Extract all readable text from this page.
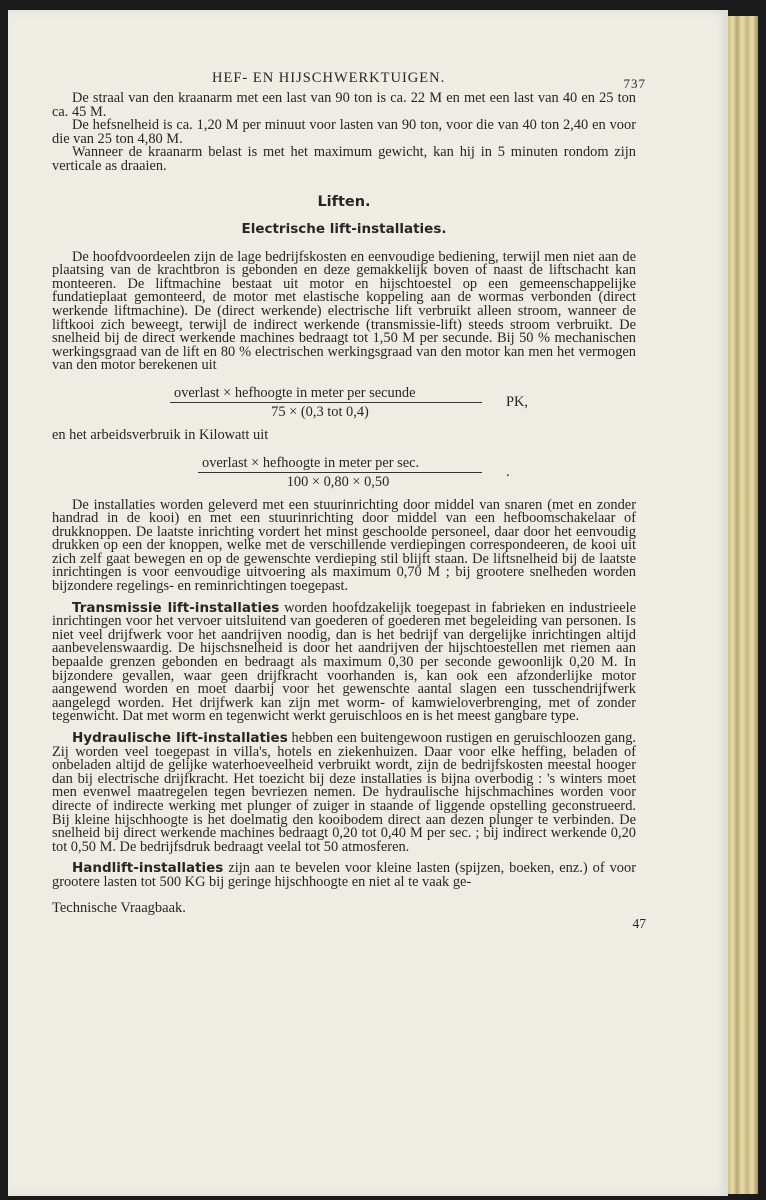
HEF- EN HIJSCHWERKTUIGEN.	737

De straal van den kraanarm met een last van 90 ton is ca. 22 M en met een last van 40 en 25 ton ca. 45 M.

De hefsnelheid is ca. 1,20 M per minuut voor lasten van 90 ton, voor die van 40 ton 2,40 en voor die van 25 ton 4,80 M.

Wanneer de kraanarm belast is met het maximum gewicht, kan hij in 5 minuten rondom zijn verticale as draaien.

Liften.
Electrische lift-installaties.

De hoofdvoordeelen zijn de lage bedrijfskosten en eenvoudige bediening, terwijl men niet aan de plaatsing van de krachtbron is gebonden en deze gemakkelijk boven of naast de liftschacht kan monteeren. De liftmachine bestaat uit motor en hijschtoestel op een gemeenschappelijke fundatieplaat gemonteerd, de motor met elastische koppeling aan de wormas verbonden (direct werkende liftmachine). De (direct werkende) electrische lift verbruikt alleen stroom, wanneer de liftkooi zich beweegt, terwijl de indirect werkende (transmissie-lift) steeds stroom verbruikt. De snelheid bij de direct werkende machines bedraagt tot 1,50 M per secunde. Bij 50 % mechanischen werkingsgraad van de lift en 80 % electrischen werkingsgraad van den motor kan men het vermogen van den motor berekenen uit

overlast × hefhoogte in meter per secunde
75 × (0,3 tot 0,4)
PK,

en het arbeidsverbruik in Kilowatt uit

overlast × hefhoogte in meter per sec.
100 × 0,80 × 0,50
.

De installaties worden geleverd met een stuurinrichting door middel van snaren (met en zonder handrad in de kooi) en met een stuurinrichting door middel van een hefboomschakelaar of drukknoppen. De laatste inrichting vordert het minst geschoolde personeel, daar door het eenvoudig drukken op een der knoppen, welke met de verschillende verdiepingen correspondeeren, de kooi uit zich zelf gaat bewegen en op de gewenschte verdieping stil blijft staan. De liftsnelheid bij de laatste inrichtingen is voor eenvoudige uitvoering als maximum 0,70 M ; bij grootere snelheden worden bijzondere regelings- en reminrichtingen toegepast.

Transmissie lift-installaties worden hoofdzakelijk toegepast in fabrieken en industrieele inrichtingen voor het vervoer uitsluitend van goederen of goederen met begeleiding van personen. Is niet veel drijfwerk voor het aandrijven noodig, dan is het bedrijf van dergelijke inrichtingen altijd aanbevelenswaardig. De hijschsnelheid is door het aandrijven der hijschtoestellen met riemen aan bepaalde grenzen gebonden en bedraagt als maximum 0,30 per seconde gewoonlijk 0,20 M. In bijzondere gevallen, waar geen drijfkracht voorhanden is, kan ook een afzonderlijke motor aangewend worden en moet daarbij voor het gewenschte aantal slagen een tusschendrijfwerk aangelegd worden. Het drijfwerk kan zijn met worm- of kamwieloverbrenging, met of zonder tegenwicht. Dat met worm en tegenwicht werkt geruischloos en is het meest gangbare type.

Hydraulische lift-installaties hebben een buitengewoon rustigen en geruischloozen gang. Zij worden veel toegepast in villa's, hotels en ziekenhuizen. Daar voor elke heffing, beladen of onbeladen altijd de gelijke waterhoeveelheid verbruikt wordt, zijn de bedrijfskosten meestal hooger dan bij electrische drijfkracht. Het toezicht bij deze installaties is bijna overbodig : 's winters moet men evenwel maatregelen tegen bevriezen nemen. De hydraulische hijschmachines worden voor directe of indirecte werking met plunger of zuiger in staande of liggende opstelling geconstrueerd. Bij kleine hijschhoogte is het doelmatig den kooibodem direct aan dezen plunger te verbinden. De snelheid bij direct werkende machines bedraagt 0,20 tot 0,40 M per sec. ; bij indirect werkende 0,20 tot 0,50 M. De bedrijfsdruk bedraagt veelal tot 50 atmosferen.

Handlift-installaties zijn aan te bevelen voor kleine lasten (spijzen, boeken, enz.) of voor grootere lasten tot 500 KG bij geringe hijschhoogte en niet al te vaak ge-

Technische Vraagbaak.
47
